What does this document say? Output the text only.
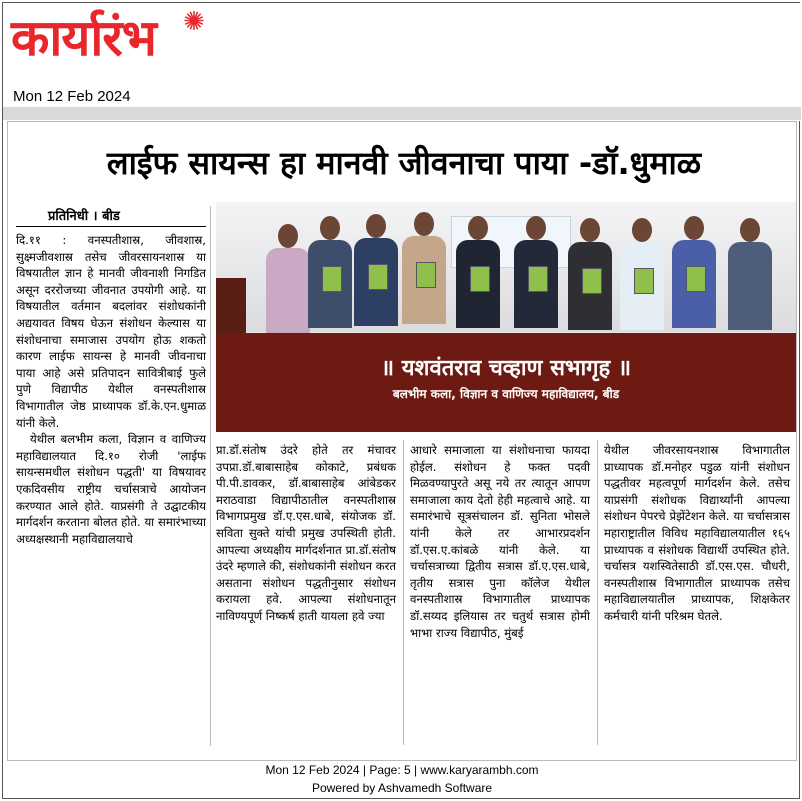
कार्यारंभ ✺
Mon 12 Feb 2024
लाईफ सायन्स हा मानवी जीवनाचा पाया -डॉ.धुमाळ
प्रतिनिधी । बीड

दि.११ : वनस्पतीशास्र, जीवशास्र, सुक्ष्मजीवशास्र तसेच जीवरसायनशास्र या विषयातील ज्ञान हे मानवी जीवनाशी निगडित असून दररोजच्या जीवनात उपयोगी आहे. या विषयातील वर्तमान बदलांवर संशोधकांनी अद्ययावत विषय घेऊन संशोधन केल्यास या संशोधनाचा समाजास उपयोग होऊ शकतो कारण लाईफ सायन्स हे मानवी जीवनाचा पाया आहे असे प्रतिपादन सावित्रीबाई फुले पुणे विद्यापीठ येथील वनस्पतीशास्र विभागातील जेष्ठ प्राध्यापक डॉ.के.एन.धुमाळ यांनी केले.

येथील बलभीम कला, विज्ञान व वाणिज्य महाविद्यालयात दि.१० रोजी 'लाईफ सायन्समधील संशोधन पद्धती' या विषयावर एकदिवसीय राष्ट्रीय चर्चासत्राचे आयोजन करण्यात आले होते. याप्रसंगी ते उद्घाटकीय मार्गदर्शन करताना बोलत होते. या समारंभाच्या अध्यक्षस्थानी महाविद्यालयाचे

॥ यशवंतराव चव्हाण सभागृह ॥
बलभीम कला, विज्ञान व वाणिज्य महाविद्यालय, बीड

प्रा.डॉ.संतोष उंदरे होते तर मंचावर उपप्रा.डॉ.बाबासाहेब कोकाटे, प्रबंधक पी.पी.डावकर, डॉ.बाबासाहेब आंबेडकर मराठवाडा विद्यापीठातील वनस्पतीशास्र विभागप्रमुख डॉ.ए.एस.धाबे, संयोजक डॉ. सविता सुक्ते यांची प्रमुख उपस्थिती होती. आपल्या अध्यक्षीय मार्गदर्शनात प्रा.डॉ.संतोष उंदरे म्हणाले की, संशोधकांनी संशोधन करत असताना संशोधन पद्धतीनुसार संशोधन करायला हवे. आपल्या संशोधनातून नाविण्यपूर्ण निष्कर्ष हाती यायला हवे ज्या

आधारे समाजाला या संशोधनाचा फायदा होईल. संशोधन हे फक्त पदवी मिळवण्यापुरते असू नये तर त्यातून आपण समाजाला काय देतो हेही महत्वाचे आहे. या समारंभाचे सूत्रसंचालन डॉ. सुनिता भोसले यांनी केले तर आभारप्रदर्शन डॉ.एस.ए.कांबळे यांनी केले. या चर्चासत्राच्या द्वितीय सत्रास डॉ.ए.एस.धाबे, तृतीय सत्रास पुना कॉलेज येथील वनस्पतीशास्र विभागातील प्राध्यापक डॉ.सय्यद इलियास तर चतुर्थ सत्रास होमी भाभा राज्य विद्यापीठ, मुंबई

येथील जीवरसायनशास्र विभागातील प्राध्यापक डॉ.मनोहर पडुळ यांनी संशोधन पद्धतीवर महत्वपूर्ण मार्गदर्शन केले. तसेच याप्रसंगी संशोधक विद्यार्थ्यांनी आपल्या संशोधन पेपरचे प्रेझेंटेशन केले. या चर्चासत्रास महाराष्ट्रातील विविध महाविद्यालयातील १६५ प्राध्यापक व संशोधक विद्यार्थी उपस्थित होते. चर्चासत्र यशस्वितेसाठी डॉ.एस.एस. चौधरी, वनस्पतीशास्र विभागातील प्राध्यापक तसेच महाविद्यालयातील प्राध्यापक, शिक्षकेतर कर्मचारी यांनी परिश्रम घेतले.

Mon 12 Feb 2024 | Page: 5 | www.karyarambh.com
Powered by Ashvamedh Software
